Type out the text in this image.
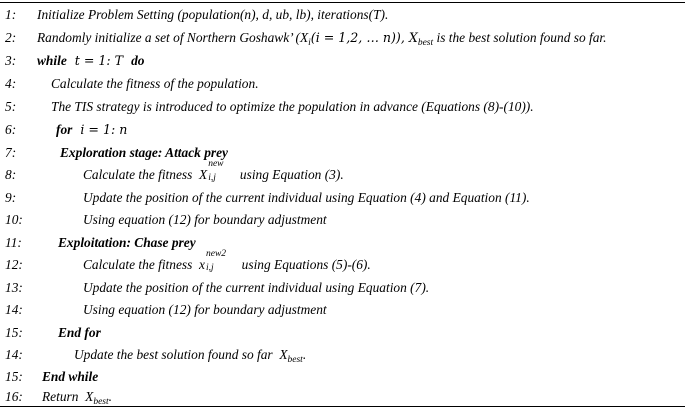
1: Initialize Problem Setting (population(n), d, ub, lb), iterations(T).
2: Randomly initialize a set of Northern Goshawk’ ($X_i(i = 1,2$, … n)), $X_{best}$ is the best solution found so far.
3: while  t = 1: T  do
4:	Calculate the fitness of the population.
5:	The TIS strategy is introduced to optimize the population in advance (Equations (8)-(10)).
6:	for  i = 1: n
7:	Exploration stage: Attack prey
8:	Calculate the fitness  X
new
i,j using Equation (3).
9:	Update the position of the current individual using Equation (4) and Equation (11).
10:	Using equation (12) for boundary adjustment
11:	Exploitation: Chase prey
12:	Calculate the fitness  x
new2
i,j using Equations (5)-(6).
13:	Update the position of the current individual using Equation (7).
14:	Using equation (12) for boundary adjustment
15:	End for
14:	Update the best solution found so far  $X_{best}$.
15: End while
16: Return  $X_{best}$.
